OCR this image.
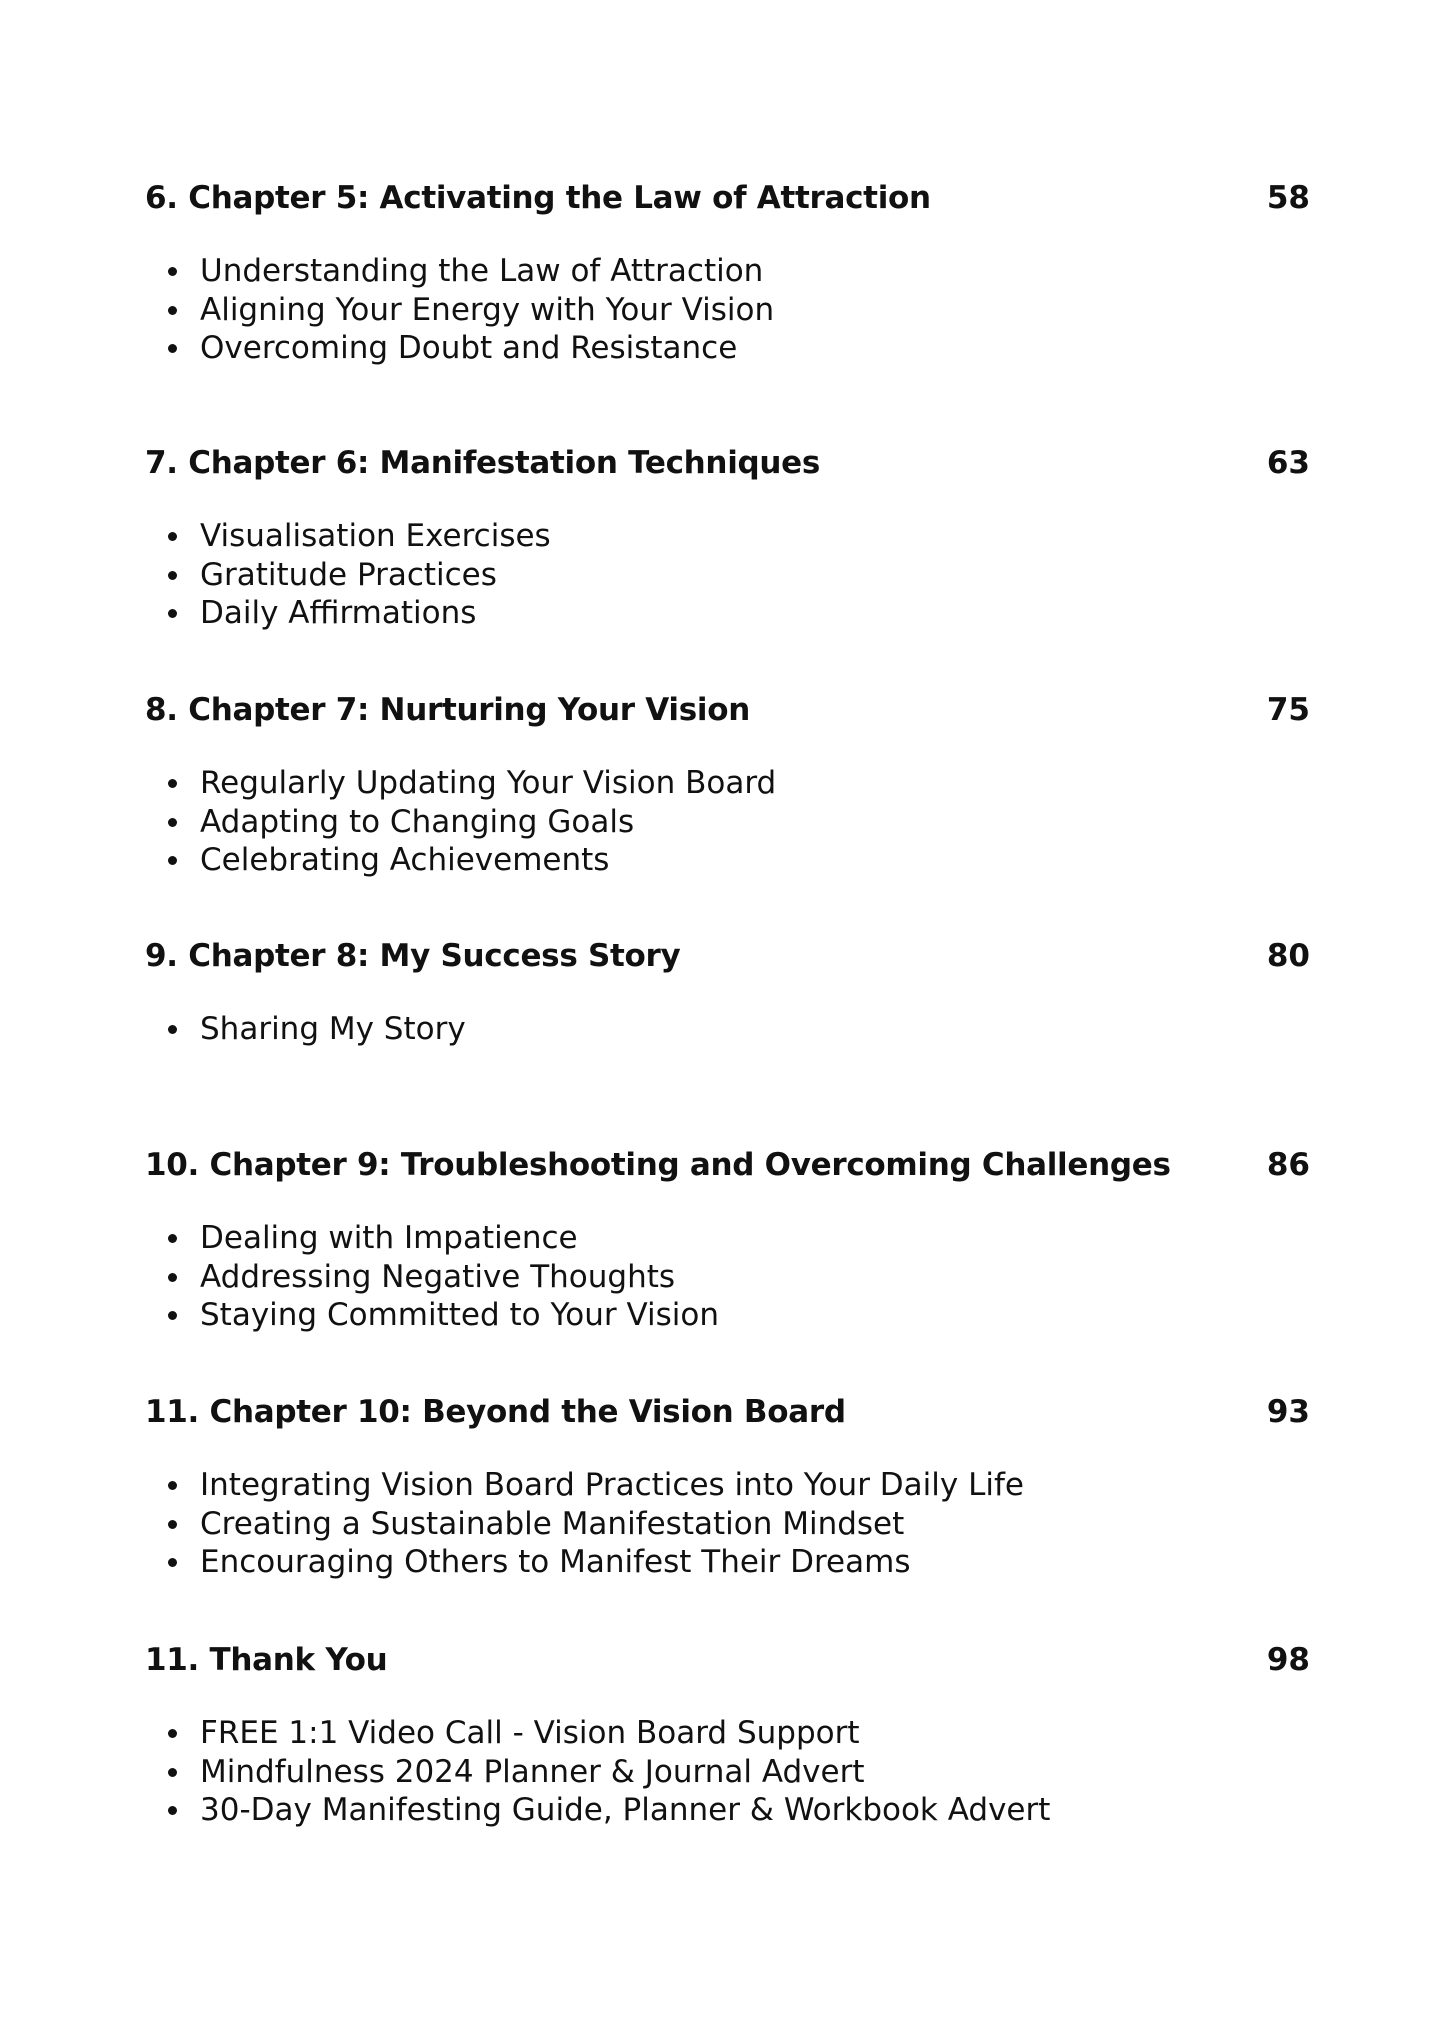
6. Chapter 5: Activating the Law of Attraction	58
Understanding the Law of Attraction
Aligning Your Energy with Your Vision
Overcoming Doubt and Resistance
7. Chapter 6: Manifestation Techniques	63
Visualisation Exercises
Gratitude Practices
Daily Affirmations
8. Chapter 7: Nurturing Your Vision	75
Regularly Updating Your Vision Board
Adapting to Changing Goals
Celebrating Achievements
9. Chapter 8: My Success Story	80
Sharing My Story
10. Chapter 9: Troubleshooting and Overcoming Challenges	86
Dealing with Impatience
Addressing Negative Thoughts
Staying Committed to Your Vision
11. Chapter 10: Beyond the Vision Board	93
Integrating Vision Board Practices into Your Daily Life
Creating a Sustainable Manifestation Mindset
Encouraging Others to Manifest Their Dreams
11. Thank You	98
FREE 1:1 Video Call - Vision Board Support
Mindfulness 2024 Planner & Journal Advert
30-Day Manifesting Guide, Planner & Workbook Advert
